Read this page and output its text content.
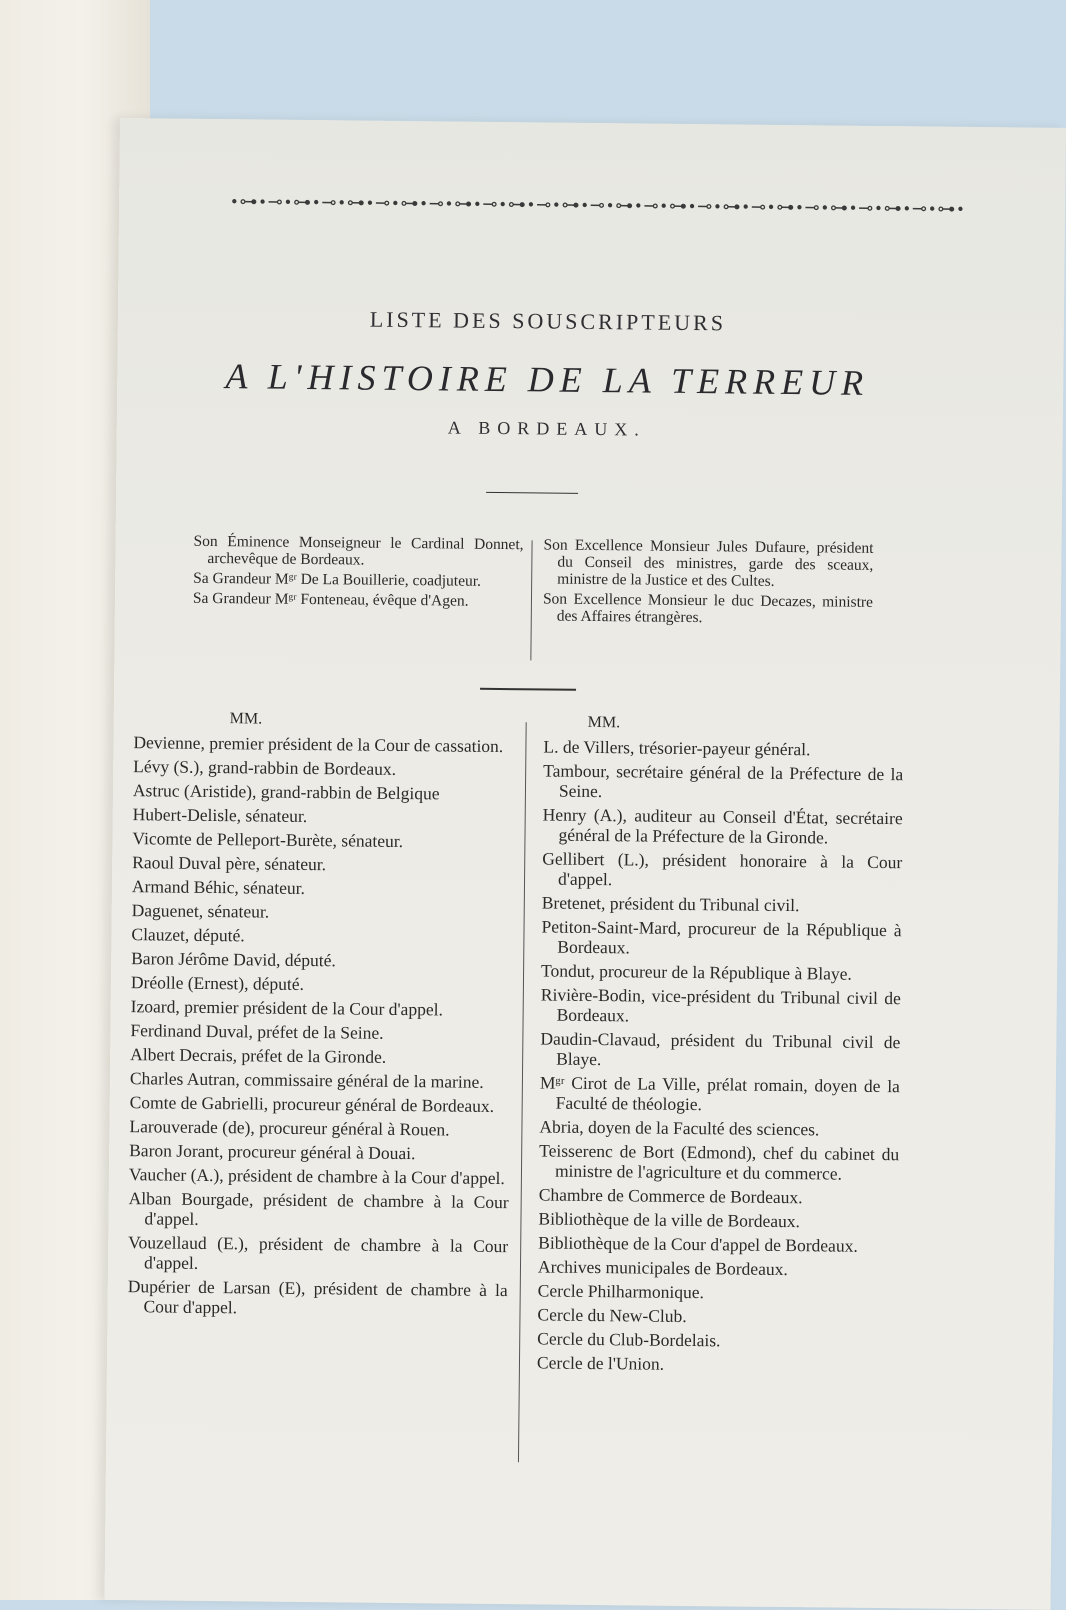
•⊶•⊸•⊶•⊸•⊶•⊸•⊶•⊸•⊶•⊸•⊶•⊸•⊶•⊸•⊶•⊸•⊶•⊸•⊶•⊸•⊶•⊸•⊶•⊸•⊶•⊸•⊶•
LISTE DES SOUSCRIPTEURS
A L'HISTOIRE DE LA TERREUR
A BORDEAUX.
Son Éminence Monseigneur le Cardinal Donnet, archevêque de Bordeaux.
Sa Grandeur Mᵍʳ De La Bouillerie, coadjuteur.
Sa Grandeur Mᵍʳ Fonteneau, évêque d'Agen.
Son Excellence Monsieur Jules Dufaure, président du Conseil des ministres, garde des sceaux, ministre de la Justice et des Cultes.
Son Excellence Monsieur le duc Decazes, ministre des Affaires étrangères.
MM.
Devienne, premier président de la Cour de cassation.
Lévy (S.), grand-rabbin de Bordeaux.
Astruc (Aristide), grand-rabbin de Belgique
Hubert-Delisle, sénateur.
Vicomte de Pelleport-Burète, sénateur.
Raoul Duval père, sénateur.
Armand Béhic, sénateur.
Daguenet, sénateur.
Clauzet, député.
Baron Jérôme David, député.
Dréolle (Ernest), député.
Izoard, premier président de la Cour d'appel.
Ferdinand Duval, préfet de la Seine.
Albert Decrais, préfet de la Gironde.
Charles Autran, commissaire général de la marine.
Comte de Gabrielli, procureur général de Bordeaux.
Larouverade (de), procureur général à Rouen.
Baron Jorant, procureur général à Douai.
Vaucher (A.), président de chambre à la Cour d'appel.
Alban Bourgade, président de chambre à la Cour d'appel.
Vouzellaud (E.), président de chambre à la Cour d'appel.
Dupérier de Larsan (E), président de chambre à la Cour d'appel.
MM.
L. de Villers, trésorier-payeur général.
Tambour, secrétaire général de la Préfecture de la Seine.
Henry (A.), auditeur au Conseil d'État, secrétaire général de la Préfecture de la Gironde.
Gellibert (L.), président honoraire à la Cour d'appel.
Bretenet, président du Tribunal civil.
Petiton-Saint-Mard, procureur de la République à Bordeaux.
Tondut, procureur de la République à Blaye.
Rivière-Bodin, vice-président du Tribunal civil de Bordeaux.
Daudin-Clavaud, président du Tribunal civil de Blaye.
Mᵍʳ Cirot de La Ville, prélat romain, doyen de la Faculté de théologie.
Abria, doyen de la Faculté des sciences.
Teisserenc de Bort (Edmond), chef du cabinet du ministre de l'agriculture et du commerce.
Chambre de Commerce de Bordeaux.
Bibliothèque de la ville de Bordeaux.
Bibliothèque de la Cour d'appel de Bordeaux.
Archives municipales de Bordeaux.
Cercle Philharmonique.
Cercle du New-Club.
Cercle du Club-Bordelais.
Cercle de l'Union.
